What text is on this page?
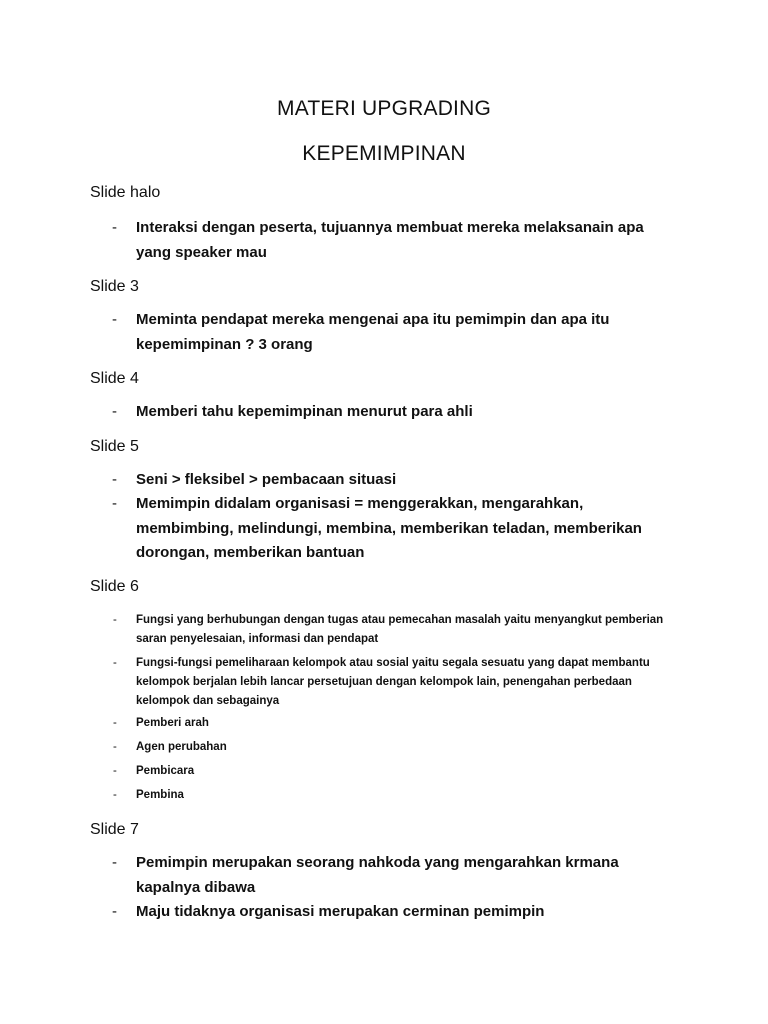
MATERI UPGRADING
KEPEMIMPINAN
Slide halo
- Interaksi dengan peserta, tujuannya membuat mereka melaksanain apa yang speaker mau
Slide 3
- Meminta pendapat mereka mengenai apa itu pemimpin dan apa itu kepemimpinan ? 3 orang
Slide 4
- Memberi tahu kepemimpinan menurut para ahli
Slide 5
- Seni > fleksibel > pembacaan situasi
- Memimpin didalam organisasi = menggerakkan, mengarahkan, membimbing, melindungi, membina, memberikan teladan, memberikan dorongan, memberikan bantuan
Slide 6
- Fungsi yang berhubungan dengan tugas atau pemecahan masalah yaitu menyangkut pemberian saran penyelesaian, informasi dan pendapat
- Fungsi-fungsi pemeliharaan kelompok atau sosial yaitu segala sesuatu yang dapat membantu kelompok berjalan lebih lancar persetujuan dengan kelompok lain, penengahan perbedaan kelompok dan sebagainya
- Pemberi arah
- Agen perubahan
- Pembicara
- Pembina
Slide 7
- Pemimpin merupakan seorang nahkoda yang mengarahkan krmana kapalnya dibawa
- Maju tidaknya organisasi merupakan cerminan pemimpin
